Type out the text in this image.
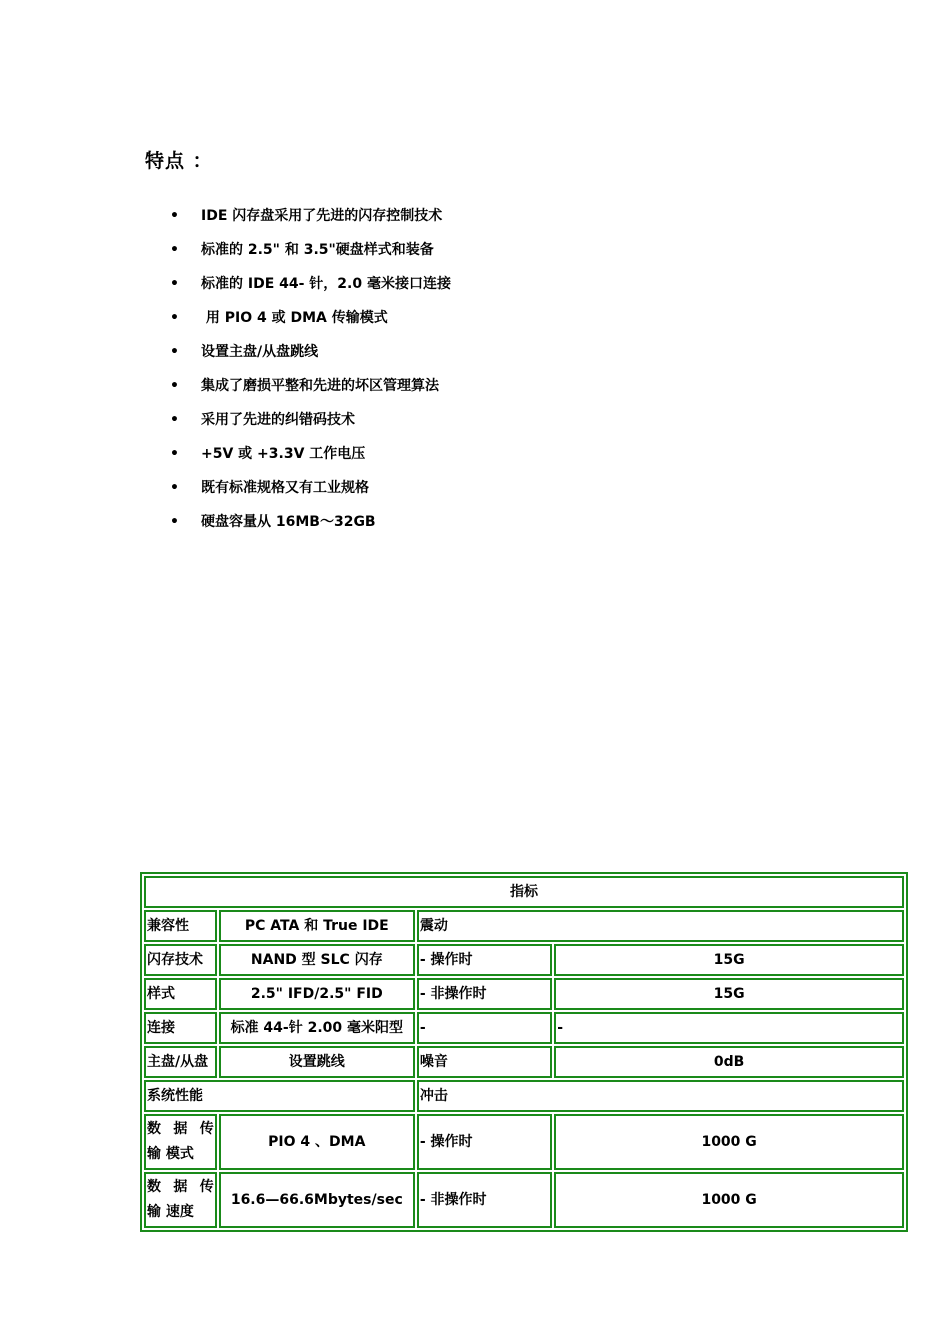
特点 ：
• IDE 闪存盘采用了先进的闪存控制技术
• 标准的 2.5" 和 3.5"硬盘样式和装备
• 标准的 IDE 44- 针，2.0 毫米接口连接
• 用 PIO 4 或 DMA 传输模式
• 设置主盘/从盘跳线
• 集成了磨损平整和先进的坏区管理算法
• 采用了先进的纠错码技术
• +5V 或 +3.3V 工作电压
• 既有标准规格又有工业规格
• 硬盘容量从 16MB～32GB
指标			
兼容性	PC ATA 和 True IDE	震动	
闪存技术	NAND 型 SLC 闪存	- 操作时	15G
样式	2.5" IFD/2.5" FID	- 非操作时	15G
连接	标准 44-针 2.00 毫米阳型	-	-
主盘/从盘	设置跳线	噪音	0dB
系统性能		冲击	
数 据 传 输 模式	PIO 4 、DMA	- 操作时	1000 G
数 据 传 输 速度	16.6—66.6Mbytes/sec	- 非操作时	1000 G
